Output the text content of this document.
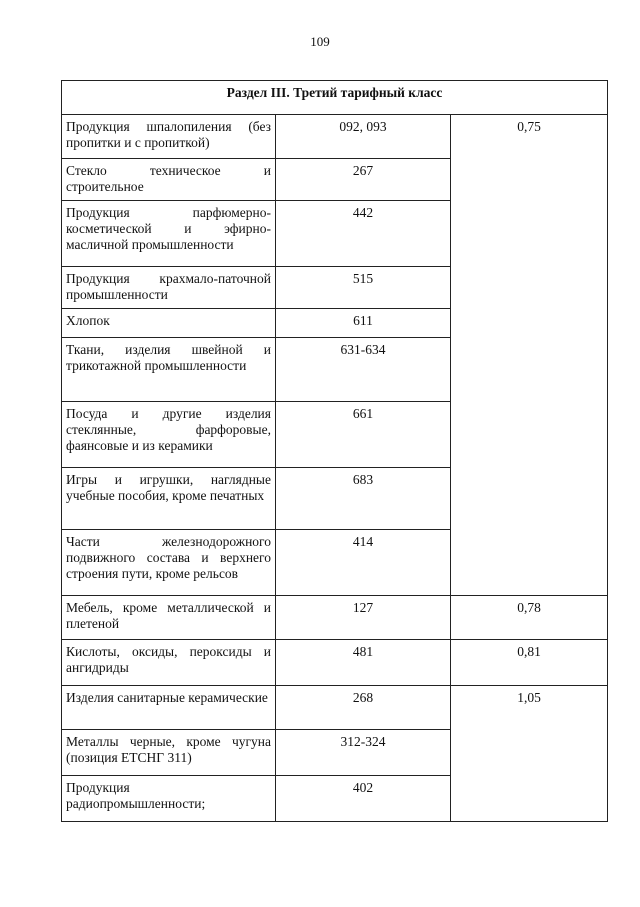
109
Раздел III. Третий тарифный класс		
Продукция шпалопиления (без пропитки и с пропиткой)	092, 093	0,75
Стекло техническое и строительное	267	
Продукция парфюмерно-косметической и эфирно-масличной промышленности	442	
Продукция крахмало-паточной промышленности	515	
Хлопок	611	
Ткани, изделия швейной и трикотажной промышленности	631-634	
Посуда и другие изделия стеклянные, фарфоровые, фаянсовые и из керамики	661	
Игры и игрушки, наглядные учебные пособия, кроме печатных	683	
Части железнодорожного подвижного состава и верхнего строения пути, кроме рельсов	414	
Мебель, кроме металлической и плетеной	127	0,78
Кислоты, оксиды, пероксиды и ангидриды	481	0,81
Изделия санитарные керамические	268	1,05
Металлы черные, кроме чугуна (позиция ЕТСНГ 311)	312-324	
Продукция радиопромышленности;	402	
